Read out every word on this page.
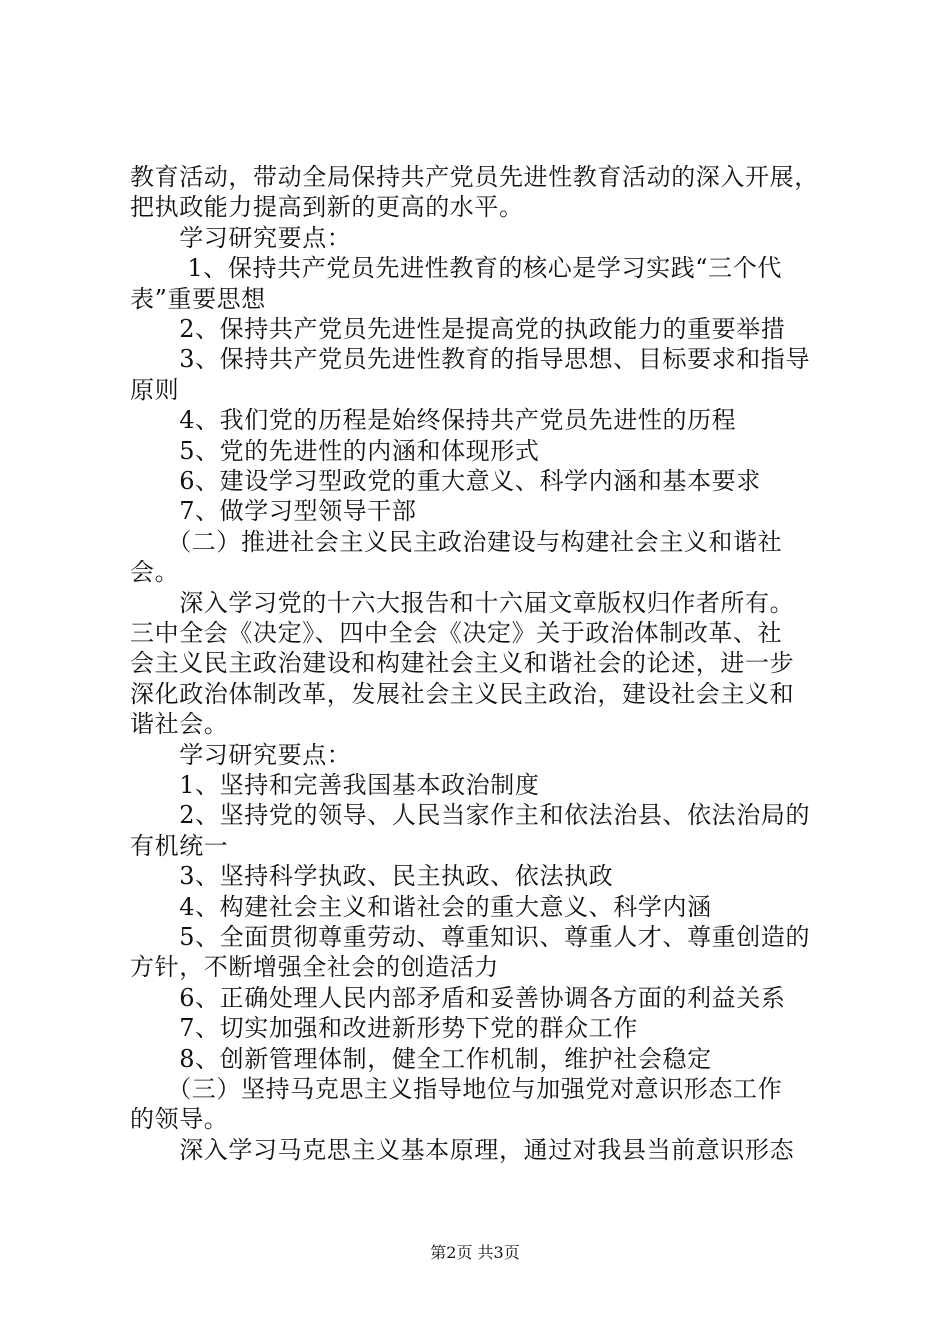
教育活动，带动全局保持共产党员先进性教育活动的深入开展，
把执政能力提高到新的更高的水平。
　　学习研究要点：
　　 1、保持共产党员先进性教育的核心是学习实践“三个代
表”重要思想
　　2、保持共产党员先进性是提高党的执政能力的重要举措
　　3、保持共产党员先进性教育的指导思想、目标要求和指导
原则
　　4、我们党的历程是始终保持共产党员先进性的历程
　　5、党的先进性的内涵和体现形式
　　6、建设学习型政党的重大意义、科学内涵和基本要求
　　7、做学习型领导干部
　　（二）推进社会主义民主政治建设与构建社会主义和谐社
会。
　　深入学习党的十六大报告和十六届文章版权归作者所有。
三中全会《决定》、四中全会《决定》关于政治体制改革、社
会主义民主政治建设和构建社会主义和谐社会的论述，进一步
深化政治体制改革，发展社会主义民主政治，建设社会主义和
谐社会。
　　学习研究要点：
　　1、坚持和完善我国基本政治制度
　　2、坚持党的领导、人民当家作主和依法治县、依法治局的
有机统一
　　3、坚持科学执政、民主执政、依法执政
　　4、构建社会主义和谐社会的重大意义、科学内涵
　　5、全面贯彻尊重劳动、尊重知识、尊重人才、尊重创造的
方针，不断增强全社会的创造活力
　　6、正确处理人民内部矛盾和妥善协调各方面的利益关系
　　7、切实加强和改进新形势下党的群众工作
　　8、创新管理体制，健全工作机制，维护社会稳定
　　（三）坚持马克思主义指导地位与加强党对意识形态工作
的领导。
　　深入学习马克思主义基本原理，通过对我县当前意识形态
第2页 共3页
